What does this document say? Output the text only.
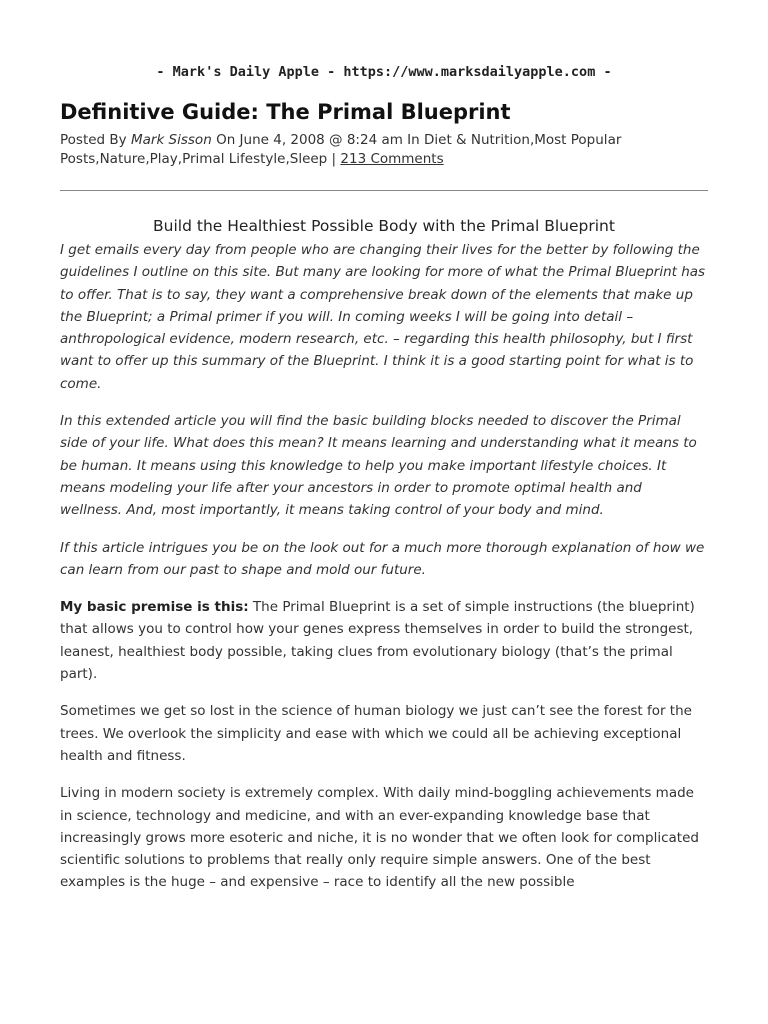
- Mark's Daily Apple - https://www.marksdailyapple.com -
Definitive Guide: The Primal Blueprint
Posted By Mark Sisson On June 4, 2008 @ 8:24 am In Diet & Nutrition,Most Popular Posts,Nature,Play,Primal Lifestyle,Sleep | 213 Comments
Build the Healthiest Possible Body with the Primal Blueprint

I get emails every day from people who are changing their lives for the better by following the guidelines I outline on this site. But many are looking for more of what the Primal Blueprint has to offer. That is to say, they want a comprehensive break down of the elements that make up the Blueprint; a Primal primer if you will. In coming weeks I will be going into detail – anthropological evidence, modern research, etc. – regarding this health philosophy, but I first want to offer up this summary of the Blueprint. I think it is a good starting point for what is to come.

In this extended article you will find the basic building blocks needed to discover the Primal side of your life. What does this mean? It means learning and understanding what it means to be human. It means using this knowledge to help you make important lifestyle choices. It means modeling your life after your ancestors in order to promote optimal health and wellness. And, most importantly, it means taking control of your body and mind.

If this article intrigues you be on the look out for a much more thorough explanation of how we can learn from our past to shape and mold our future.

My basic premise is this: The Primal Blueprint is a set of simple instructions (the blueprint) that allows you to control how your genes express themselves in order to build the strongest, leanest, healthiest body possible, taking clues from evolutionary biology (that’s the primal part).

Sometimes we get so lost in the science of human biology we just can’t see the forest for the trees. We overlook the simplicity and ease with which we could all be achieving exceptional health and fitness.

Living in modern society is extremely complex. With daily mind-boggling achievements made in science, technology and medicine, and with an ever-expanding knowledge base that increasingly grows more esoteric and niche, it is no wonder that we often look for complicated scientific solutions to problems that really only require simple answers. One of the best examples is the huge – and expensive – race to identify all the new possible
